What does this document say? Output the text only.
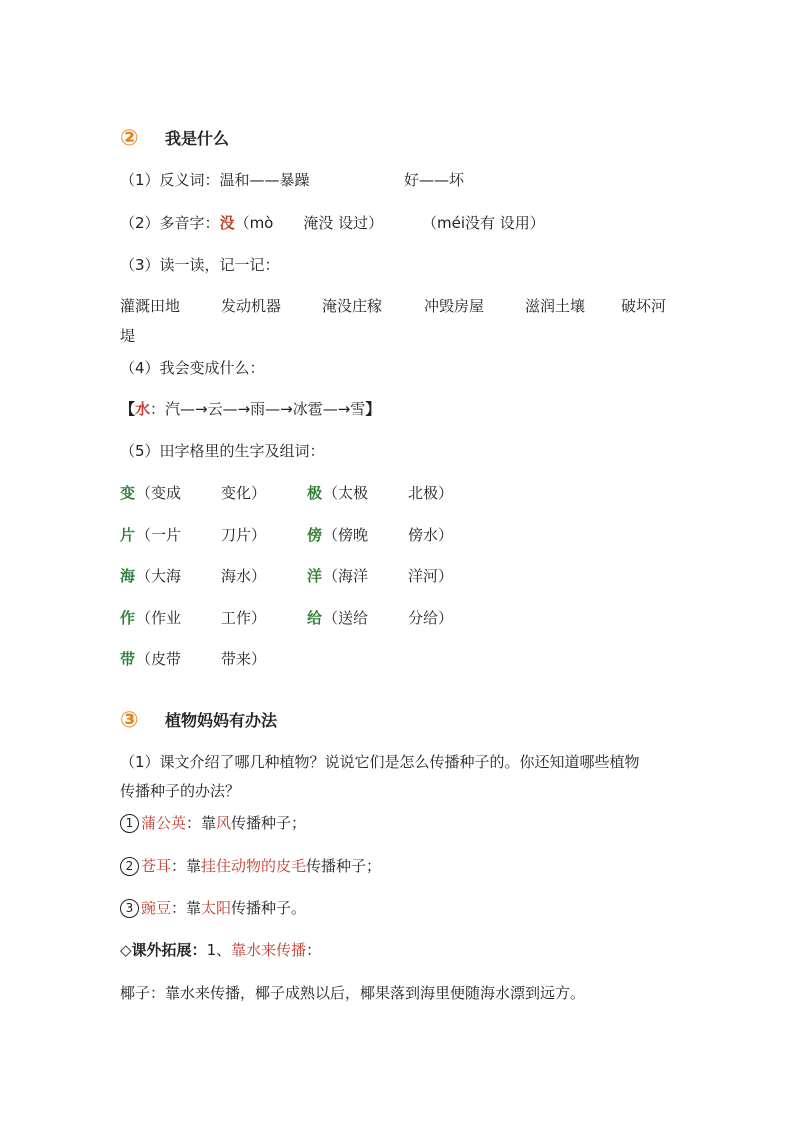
② 我是什么
（1）反义词：温和——暴躁	好——坏
（2）多音字：没（mò　　淹没 设过）	（méi没有 设用）
（3）读一读，记一记：
灌溉田地	发动机器	淹没庄稼	冲毁房屋	滋润土壤 破坏河
堤
（4）我会变成什么：
【水：汽—→云—→雨—→冰雹—→雪】
（5）田字格里的生字及组词：
变 （变成	变化）	极 （太极	北极）
片 （一片	刀片）	傍 （傍晚	傍水）
海 （大海	海水）	洋 （海洋	洋河）
作 （作业	工作）	给 （送给	分给）
带 （皮带	带来）
③ 植物妈妈有办法
（1）课文介绍了哪几种植物？说说它们是怎么传播种子的。你还知道哪些植物
传播种子的办法？
1 蒲公英：靠风传播种子；
2 苍耳：靠挂住动物的皮毛传播种子；
3 豌豆：靠太阳传播种子。
◇课外拓展：1、靠水来传播：
椰子：靠水来传播，椰子成熟以后，椰果落到海里便随海水漂到远方。
